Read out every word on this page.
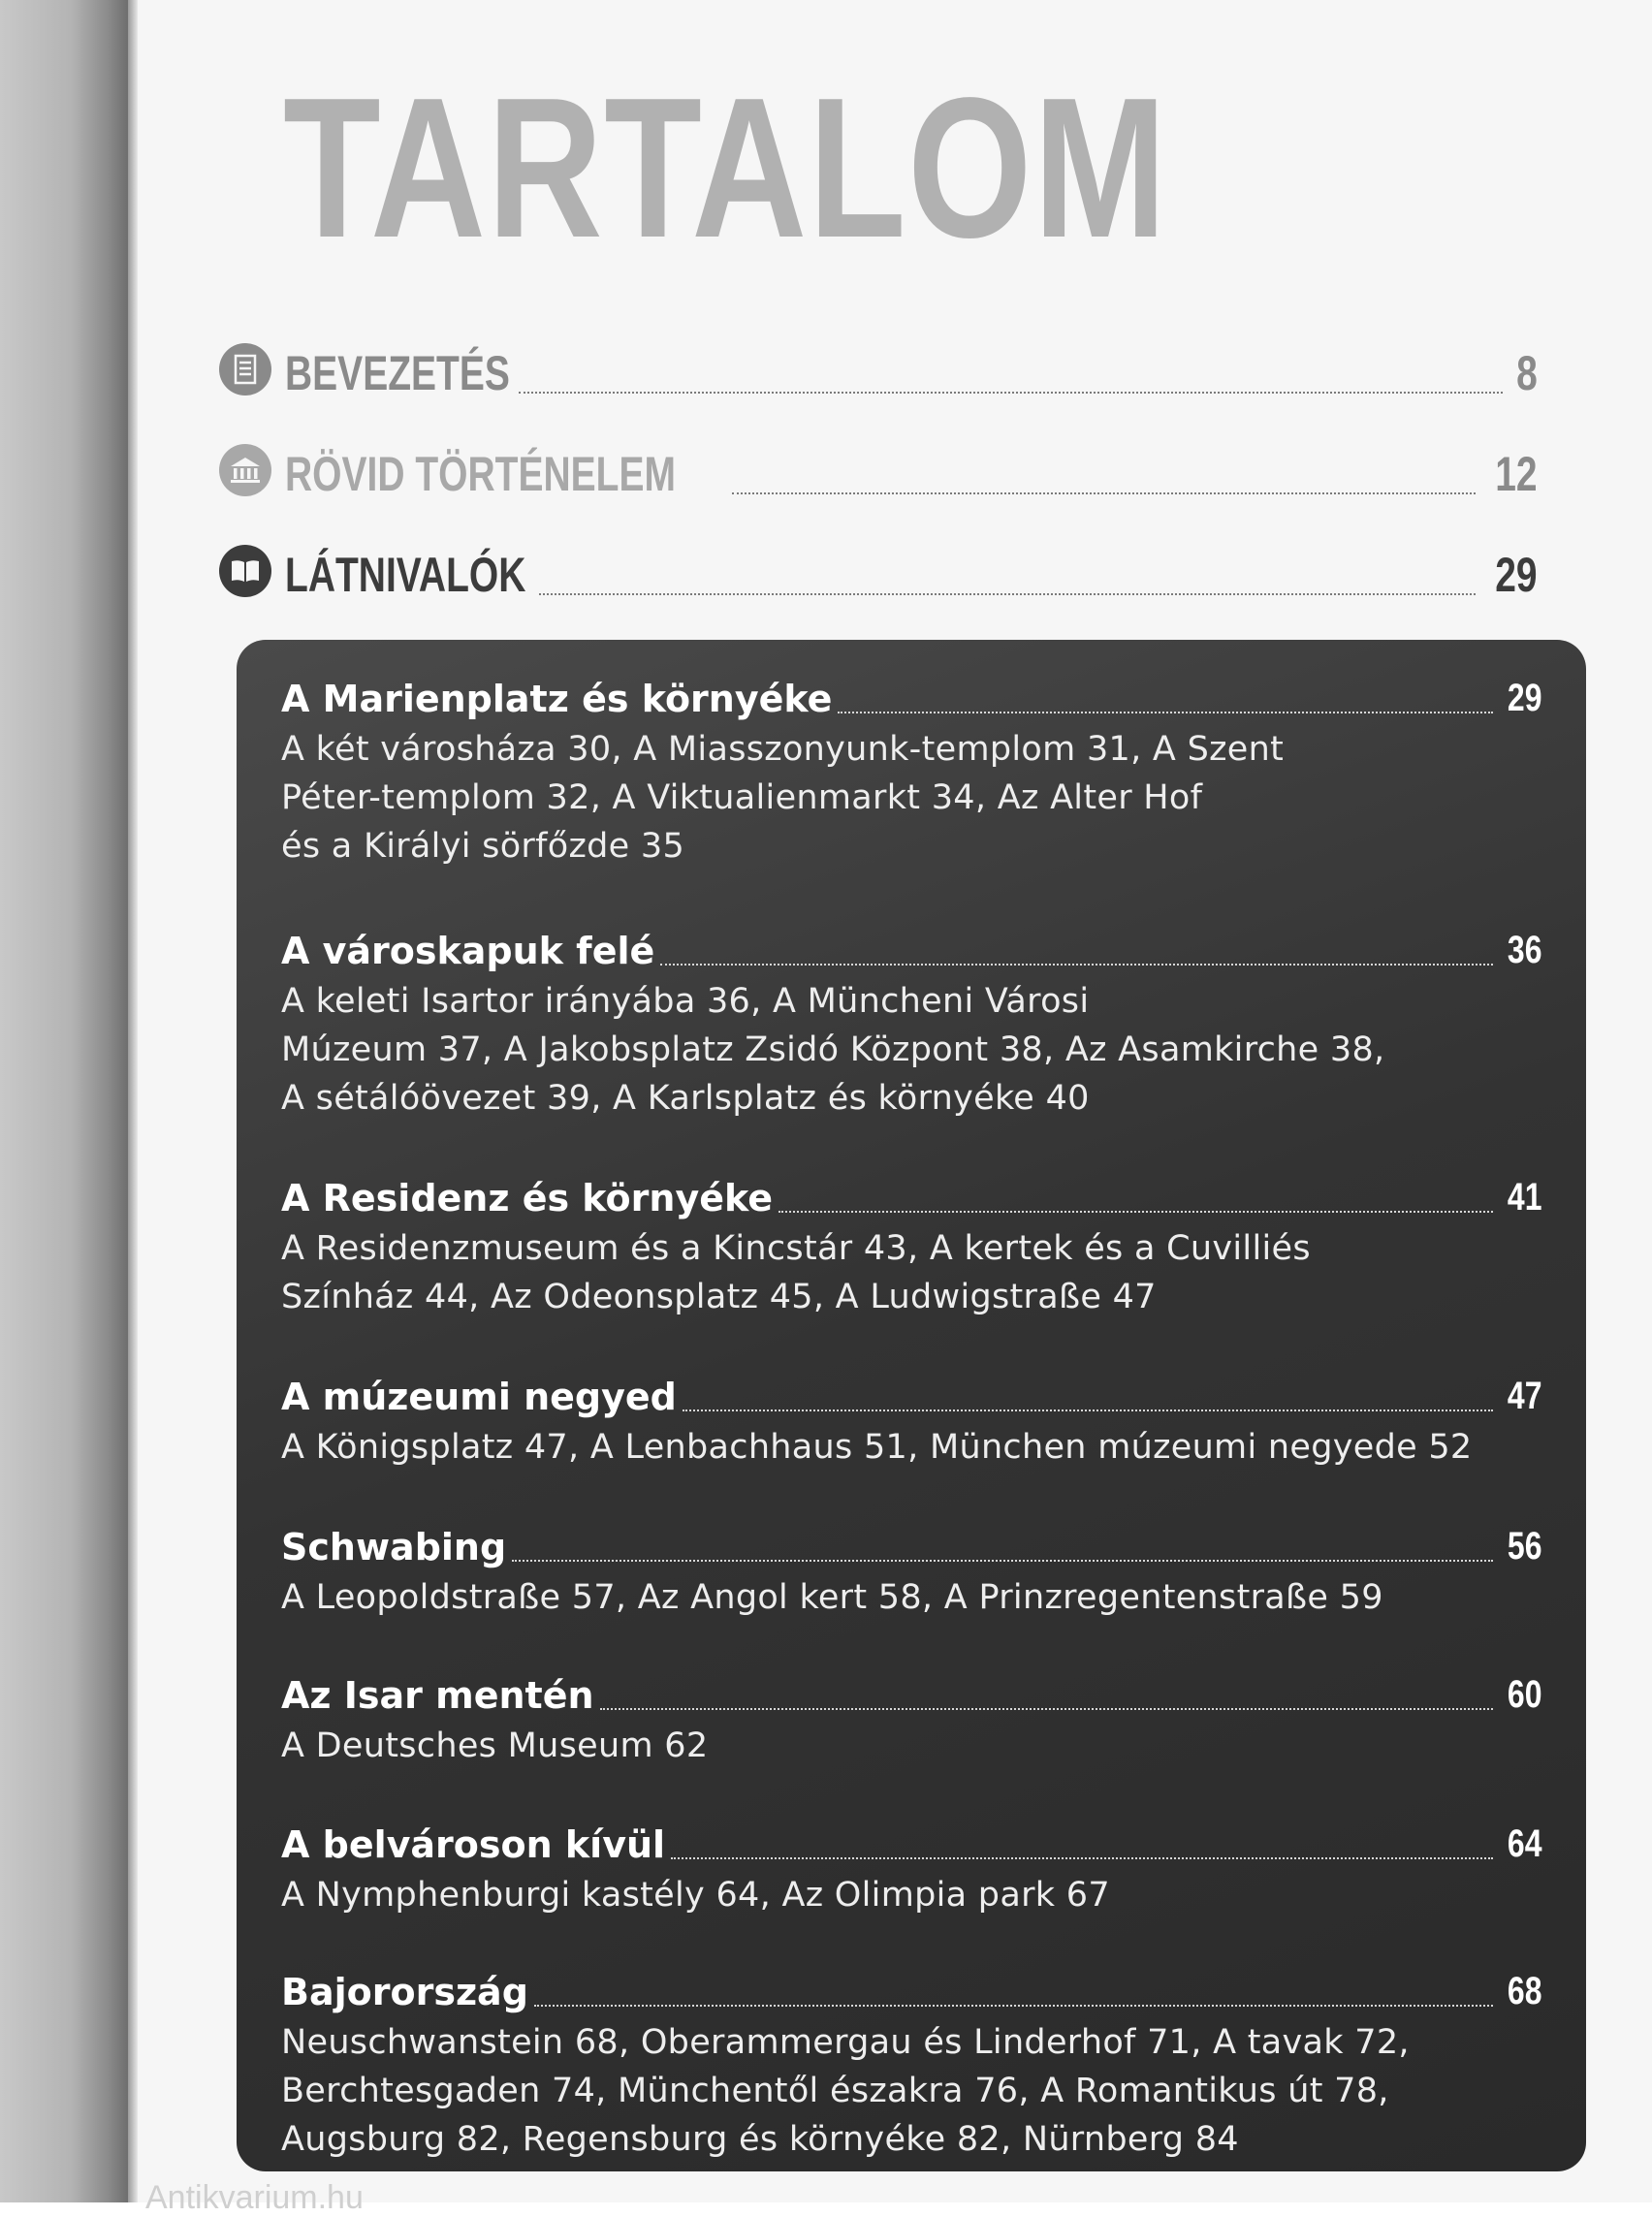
TARTALOM
BEVEZETÉS	8
RÖVID TÖRTÉNELEM	12
LÁTNIVALÓK	29
A Marienplatz és környéke	29
A két városháza 30, A Miasszonyunk-templom 31, A Szent
Péter-templom 32, A Viktualienmarkt 34, Az Alter Hof
és a Királyi sörfőzde 35
A városkapuk felé	36
A keleti Isartor irányába 36, A Müncheni Városi
Múzeum 37, A Jakobsplatz Zsidó Központ 38, Az Asamkirche 38,
A sétálóövezet 39, A Karlsplatz és környéke 40
A Residenz és környéke	41
A Residenzmuseum és a Kincstár 43, A kertek és a Cuvilliés
Színház 44, Az Odeonsplatz 45, A Ludwigstraße 47
A múzeumi negyed	47
A Königsplatz 47, A Lenbachhaus 51, München múzeumi negyede 52
Schwabing	56
A Leopoldstraße 57, Az Angol kert 58, A Prinzregentenstraße 59
Az Isar mentén	60
A Deutsches Museum 62
A belvároson kívül	64
A Nymphenburgi kastély 64, Az Olimpia park 67
Bajorország	68
Neuschwanstein 68, Oberammergau és Linderhof 71, A tavak 72,
Berchtesgaden 74, Münchentől északra 76, A Romantikus út 78,
Augsburg 82, Regensburg és környéke 82, Nürnberg 84
Antikvarium.hu
